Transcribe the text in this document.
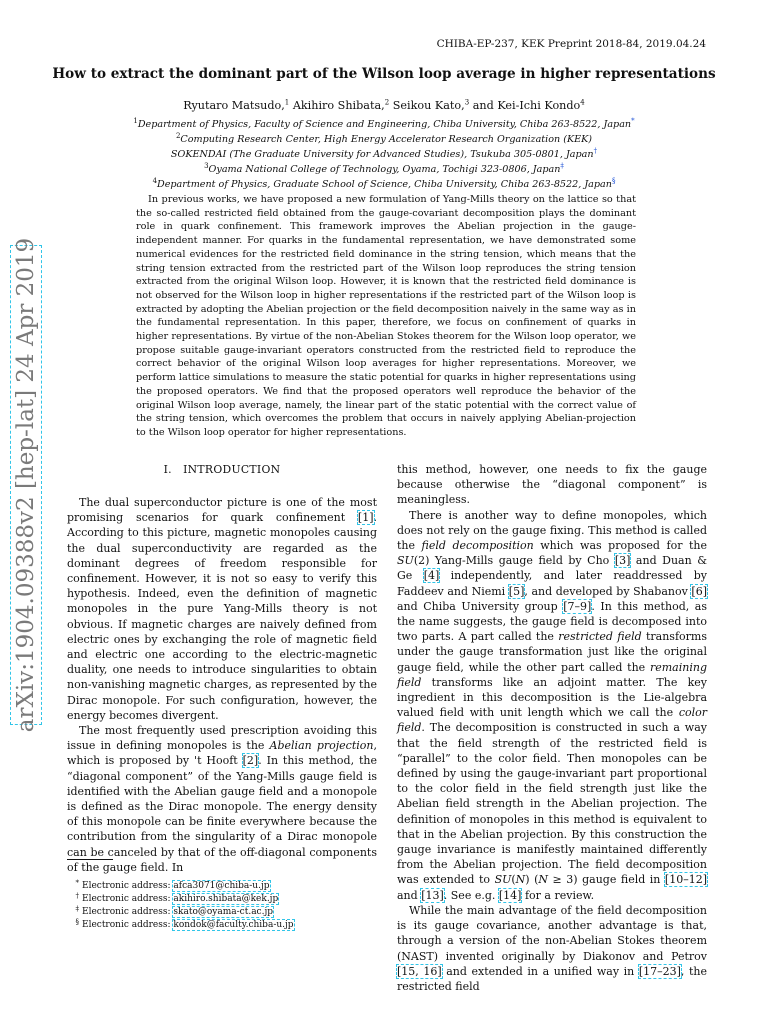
CHIBA-EP-237, KEK Preprint 2018-84, 2019.04.24
How to extract the dominant part of the Wilson loop average in higher representations
Ryutaro Matsudo,$^1$ Akihiro Shibata,$^2$ Seikou Kato,$^3$ and Kei-Ichi Kondo$^4$
$^1$Department of Physics, Faculty of Science and Engineering, Chiba University, Chiba 263-8522, Japan*
$^2$Computing Research Center, High Energy Accelerator Research Organization (KEK)
SOKENDAI (The Graduate University for Advanced Studies), Tsukuba 305-0801, Japan†
$^3$Oyama National College of Technology, Oyama, Tochigi 323-0806, Japan‡
$^4$Department of Physics, Graduate School of Science, Chiba University, Chiba 263-8522, Japan§

In previous works, we have proposed a new formulation of Yang-Mills theory on the lattice so that the so-called restricted field obtained from the gauge-covariant decomposition plays the dominant role in quark confinement. This framework improves the Abelian projection in the gauge-independent manner. For quarks in the fundamental representation, we have demonstrated some numerical evidences for the restricted field dominance in the string tension, which means that the string tension extracted from the restricted part of the Wilson loop reproduces the string tension extracted from the original Wilson loop. However, it is known that the restricted field dominance is not observed for the Wilson loop in higher representations if the restricted part of the Wilson loop is extracted by adopting the Abelian projection or the field decomposition naively in the same way as in the fundamental representation. In this paper, therefore, we focus on confinement of quarks in higher representations. By virtue of the non-Abelian Stokes theorem for the Wilson loop operator, we propose suitable gauge-invariant operators constructed from the restricted field to reproduce the correct behavior of the original Wilson loop averages for higher representations. Moreover, we perform lattice simulations to measure the static potential for quarks in higher representations using the proposed operators. We find that the proposed operators well reproduce the behavior of the original Wilson loop average, namely, the linear part of the static potential with the correct value of the string tension, which overcomes the problem that occurs in naively applying Abelian-projection to the Wilson loop operator for higher representations.

arXiv:1904.09388v2 [hep-lat] 24 Apr 2019	I. INTRODUCTION

The dual superconductor picture is one of the most promising scenarios for quark confinement [1]. According to this picture, magnetic monopoles causing the dual superconductivity are regarded as the dominant degrees of freedom responsible for confinement. However, it is not so easy to verify this hypothesis. Indeed, even the definition of magnetic monopoles in the pure Yang-Mills theory is not obvious. If magnetic charges are naively defined from electric ones by exchanging the role of magnetic field and electric one according to the electric-magnetic duality, one needs to introduce singularities to obtain non-vanishing magnetic charges, as represented by the Dirac monopole. For such configuration, however, the energy becomes divergent.

The most frequently used prescription avoiding this issue in defining monopoles is the Abelian projection, which is proposed by 't Hooft [2]. In this method, the “diagonal component” of the Yang-Mills gauge field is identified with the Abelian gauge field and a monopole is defined as the Dirac monopole. The energy density of this monopole can be finite everywhere because the contribution from the singularity of a Dirac monopole can be canceled by that of the off-diagonal components of the gauge field. In

this method, however, one needs to fix the gauge because otherwise the “diagonal component” is meaningless.

There is another way to define monopoles, which does not rely on the gauge fixing. This method is called the field decomposition which was proposed for the SU(2) Yang-Mills gauge field by Cho [3] and Duan & Ge [4] independently, and later readdressed by Faddeev and Niemi [5], and developed by Shabanov [6] and Chiba University group [7–9]. In this method, as the name suggests, the gauge field is decomposed into two parts. A part called the restricted field transforms under the gauge transformation just like the original gauge field, while the other part called the remaining field transforms like an adjoint matter. The key ingredient in this decomposition is the Lie-algebra valued field with unit length which we call the color field. The decomposition is constructed in such a way that the field strength of the restricted field is “parallel” to the color field. Then monopoles can be defined by using the gauge-invariant part proportional to the color field in the field strength just like the Abelian field strength in the Abelian projection. The definition of monopoles in this method is equivalent to that in the Abelian projection. By this construction the gauge invariance is manifestly maintained differently from the Abelian projection. The field decomposition was extended to SU(N) (N ≥ 3) gauge field in [10–12] and [13]. See e.g. [14] for a review.

While the main advantage of the field decomposition is its gauge covariance, another advantage is that, through a version of the non-Abelian Stokes theorem (NAST) invented originally by Diakonov and Petrov [15, 16] and extended in a unified way in [17–23], the restricted field

* Electronic address: afca3071@chiba-u.jp
† Electronic address: akihiro.shibata@kek.jp
‡ Electronic address: skato@oyama-ct.ac.jp
§ Electronic address: kondok@faculty.chiba-u.jp
